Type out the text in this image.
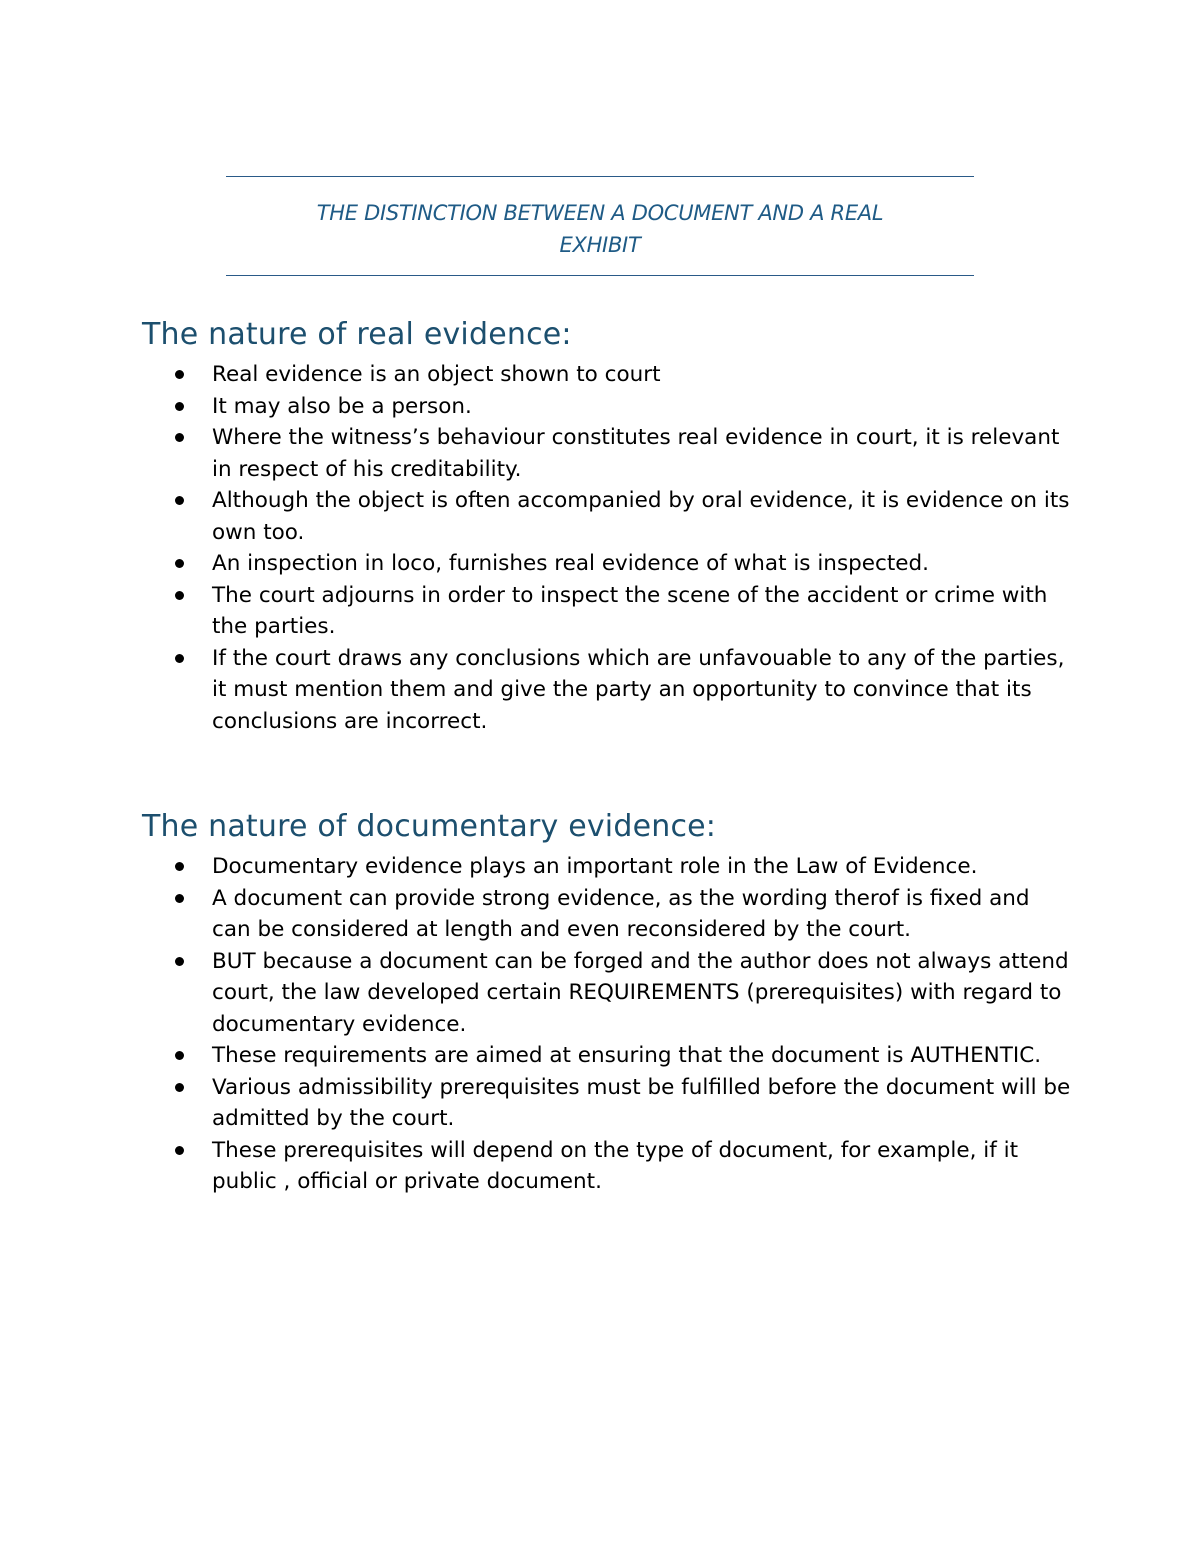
THE DISTINCTION BETWEEN A DOCUMENT AND A REAL
EXHIBIT
The nature of real evidence:
Real evidence is an object shown to court
It may also be a person.
Where the witness’s behaviour constitutes real evidence in court, it is relevant in respect of his creditability.
Although the object is often accompanied by oral evidence, it is evidence on its own too.
An inspection in loco, furnishes real evidence of what is inspected.
The court adjourns in order to inspect the scene of the accident or crime with the parties.
If the court draws any conclusions which are unfavouable to any of the parties, it must mention them and give the party an opportunity to convince that its conclusions are incorrect.
The nature of documentary evidence:
Documentary evidence plays an important role in the Law of Evidence.
A document can provide strong evidence, as the wording therof is fixed and can be considered at length and even reconsidered by the court.
BUT because a document can be forged and the author does not always attend court, the law developed certain REQUIREMENTS (prerequisites) with regard to documentary evidence.
These requirements are aimed at ensuring that the document is AUTHENTIC.
Various admissibility prerequisites must be fulfilled before the document will be admitted by the court.
These prerequisites will depend on the type of document, for example, if it public , official or private document.
